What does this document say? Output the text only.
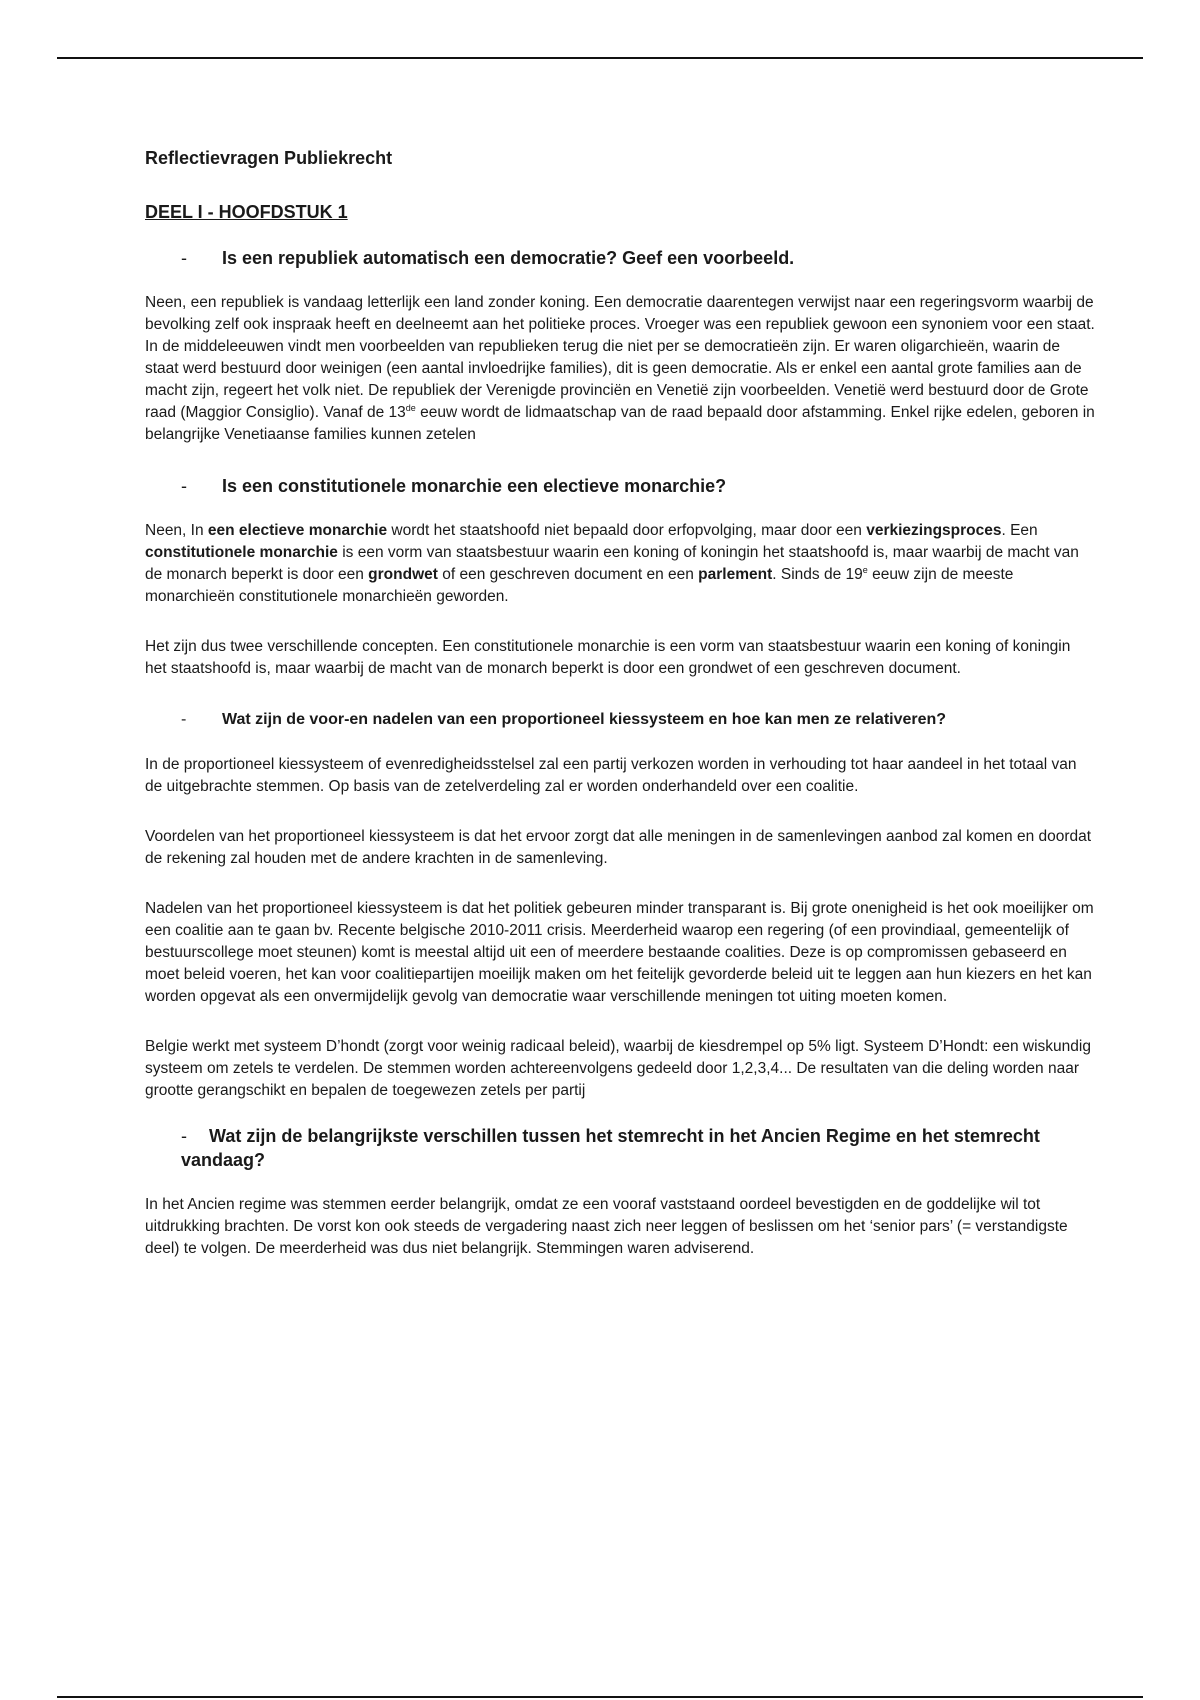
Reflectievragen Publiekrecht
DEEL I - HOOFDSTUK 1
- Is een republiek automatisch een democratie? Geef een voorbeeld.
Neen, een republiek is vandaag letterlijk een land zonder koning. Een democratie daarentegen verwijst naar een regeringsvorm waarbij de bevolking zelf ook inspraak heeft en deelneemt aan het politieke proces. Vroeger was een republiek gewoon een synoniem voor een staat. In de middeleeuwen vindt men voorbeelden van republieken terug die niet per se democratieën zijn. Er waren oligarchieën, waarin de staat werd bestuurd door weinigen (een aantal invloedrijke families), dit is geen democratie. Als er enkel een aantal grote families aan de macht zijn, regeert het volk niet. De republiek der Verenigde provinciën en Venetië zijn voorbeelden. Venetië werd bestuurd door de Grote raad (Maggior Consiglio). Vanaf de 13de eeuw wordt de lidmaatschap van de raad bepaald door afstamming. Enkel rijke edelen, geboren in belangrijke Venetiaanse families kunnen zetelen
- Is een constitutionele monarchie een electieve monarchie?
Neen, In een electieve monarchie wordt het staatshoofd niet bepaald door erfopvolging, maar door een verkiezingsproces. Een constitutionele monarchie is een vorm van staatsbestuur waarin een koning of koningin het staatshoofd is, maar waarbij de macht van de monarch beperkt is door een grondwet of een geschreven document en een parlement. Sinds de 19e eeuw zijn de meeste monarchieën constitutionele monarchieën geworden.
Het zijn dus twee verschillende concepten. Een constitutionele monarchie is een vorm van staatsbestuur waarin een koning of koningin het staatshoofd is, maar waarbij de macht van de monarch beperkt is door een grondwet of een geschreven document.
- Wat zijn de voor-en nadelen van een proportioneel kiessysteem en hoe kan men ze relativeren?
In de proportioneel kiessysteem of evenredigheidsstelsel zal een partij verkozen worden in verhouding tot haar aandeel in het totaal van de uitgebrachte stemmen. Op basis van de zetelverdeling zal er worden onderhandeld over een coalitie.
Voordelen van het proportioneel kiessysteem is dat het ervoor zorgt dat alle meningen in de samenlevingen aanbod zal komen en doordat de rekening zal houden met de andere krachten in de samenleving.
Nadelen van het proportioneel kiessysteem is dat het politiek gebeuren minder transparant is. Bij grote onenigheid is het ook moeilijker om een coalitie aan te gaan bv. Recente belgische 2010-2011 crisis. Meerderheid waarop een regering (of een provindiaal, gemeentelijk of bestuurscollege moet steunen) komt is meestal altijd uit een of meerdere bestaande coalities. Deze is op compromissen gebaseerd en moet beleid voeren, het kan voor coalitiepartijen moeilijk maken om het feitelijk gevorderde beleid uit te leggen aan hun kiezers en het kan worden opgevat als een onvermijdelijk gevolg van democratie waar verschillende meningen tot uiting moeten komen.
Belgie werkt met systeem D’hondt (zorgt voor weinig radicaal beleid), waarbij de kiesdrempel op 5% ligt. Systeem D’Hondt: een wiskundig systeem om zetels te verdelen. De stemmen worden achtereenvolgens gedeeld door 1,2,3,4... De resultaten van die deling worden naar grootte gerangschikt en bepalen de toegewezen zetels per partij
- Wat zijn de belangrijkste verschillen tussen het stemrecht in het Ancien Regime en het stemrecht vandaag?
In het Ancien regime was stemmen eerder belangrijk, omdat ze een vooraf vaststaand oordeel bevestigden en de goddelijke wil tot uitdrukking brachten. De vorst kon ook steeds de vergadering naast zich neer leggen of beslissen om het ‘senior pars’ (= verstandigste deel) te volgen. De meerderheid was dus niet belangrijk. Stemmingen waren adviserend.
